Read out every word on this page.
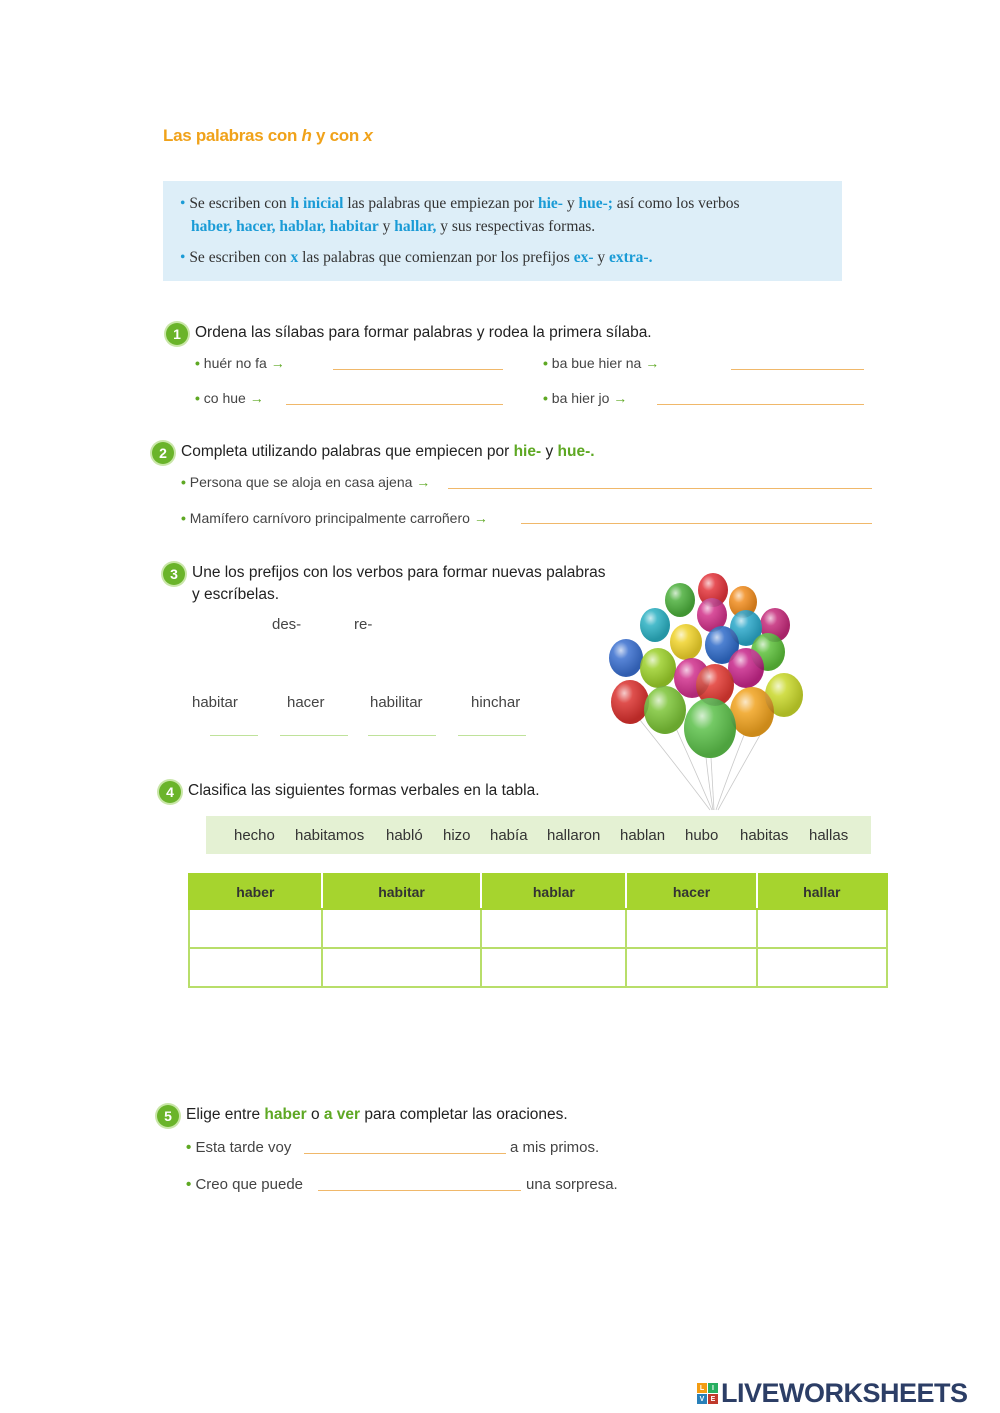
Las palabras con h y con x
• Se escriben con h inicial las palabras que empiezan por hie- y hue-; así como los verbos
haber, hacer, hablar, habitar y hallar, y sus respectivas formas.
• Se escriben con x las palabras que comienzan por los prefijos ex- y extra-.
1 Ordena las sílabas para formar palabras y rodea la primera sílaba.
• huér no fa →	• ba bue hier na →
• co hue →	• ba hier jo →
2 Completa utilizando palabras que empiecen por hie- y hue-.
• Persona que se aloja en casa ajena →
• Mamífero carnívoro principalmente carroñero →
3 Une los prefijos con los verbos para formar nuevas palabras
y escríbelas.
des-	re-
habitar	hacer	habilitar	hinchar
4 Clasifica las siguientes formas verbales en la tabla.
hecho habitamos habló hizo había hallaron hablan hubo habitas hallas
haber	habitar	hablar	hacer	hallar

5 Elige entre haber o a ver para completar las oraciones.
• Esta tarde voy	a mis primos.
• Creo que puede	una sorpresa.
L	I
V E LIVEWORKSHEETS
